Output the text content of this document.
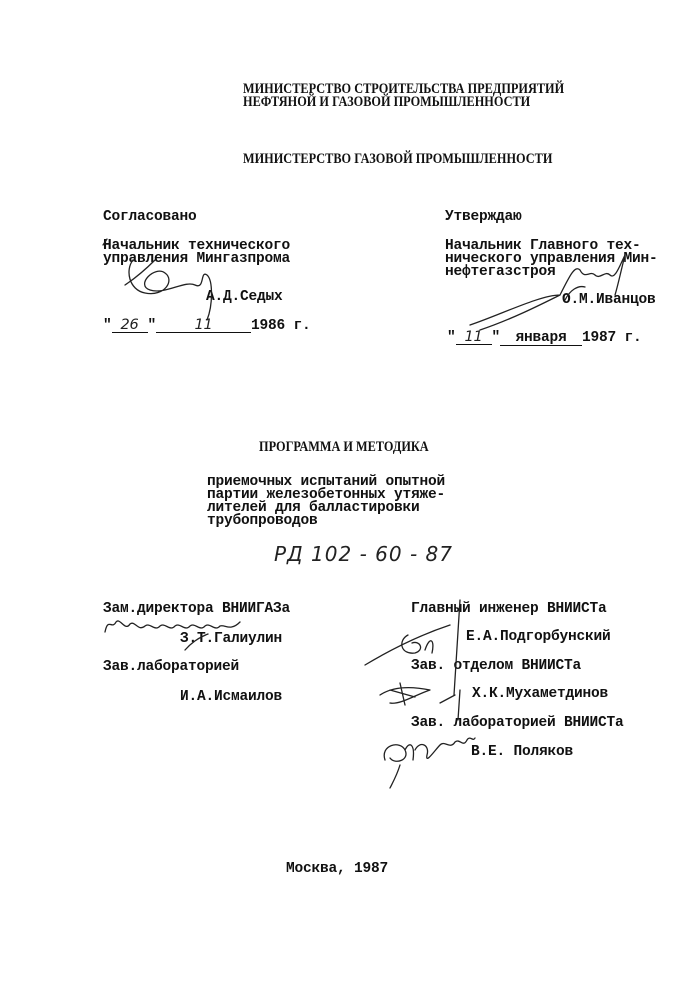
МИНИСТЕРСТВО СТРОИТЕЛЬСТВА ПРЕДПРИЯТИЙ
НЕФТЯНОЙ И ГАЗОВОЙ ПРОМЫШЛЕННОСТИ
МИНИСТЕРСТВО ГАЗОВОЙ ПРОМЫШЛЕННОСТИ
Согласовано
Начальник технического
управления Мингазпрома
А.Д.Седых
" 26 "	11	1986 г.
Утверждаю
Начальник Главного тех-
нического управления Мин-
нефтегазстроя
О.М.Иванцов
" 11 " января 1987 г.
ПРОГРАММА И МЕТОДИКА
приемочных испытаний опытной
партии железобетонных утяже-
лителей для балластировки
трубопроводов
РД 102 - 60 - 87
Зам.директора ВНИИГАЗа
З.Т.Галиулин
Зав.лабораторией
И.А.Исмаилов
Главный инженер ВНИИСТа
Е.А.Подгорбунский
Зав. отделом ВНИИСТа
Х.К.Мухаметдинов
Зав. лабораторией ВНИИСТа
В.Е. Поляков
Москва, 1987
